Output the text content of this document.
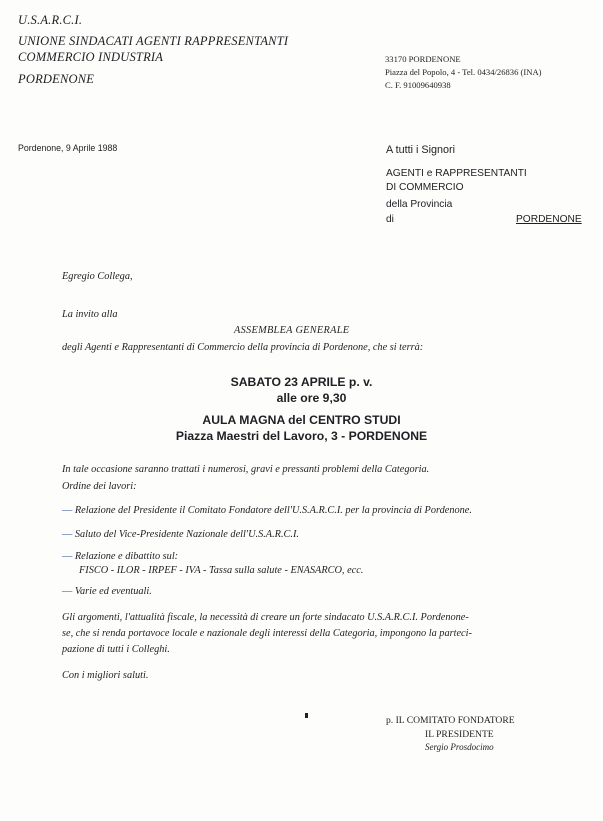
U.S.A.R.C.I.
UNIONE SINDACATI AGENTI RAPPRESENTANTI
COMMERCIO INDUSTRIA
PORDENONE
33170 PORDENONE
Piazza del Popolo, 4 - Tel. 0434/26836 (INA)
C. F. 91009640938
Pordenone, 9 Aprile 1988	A tutti i Signori
AGENTI e RAPPRESENTANTI
DI COMMERCIO
della Provincia
di	PORDENONE
Egregio Collega,
La invito alla
ASSEMBLEA GENERALE
degli Agenti e Rappresentanti di Commercio della provincia di Pordenone, che si terrà:
SABATO 23 APRILE p. v.
alle ore 9,30
AULA MAGNA del CENTRO STUDI
Piazza Maestri del Lavoro, 3 - PORDENONE
In tale occasione saranno trattati i numerosi, gravi e pressanti problemi della Categoria.
Ordine dei lavori:
— Relazione del Presidente il Comitato Fondatore dell'U.S.A.R.C.I. per la provincia di Pordenone.
— Saluto del Vice-Presidente Nazionale dell'U.S.A.R.C.I.
— Relazione e dibattito sul:
FISCO - ILOR - IRPEF - IVA - Tassa sulla salute - ENASARCO, ecc.
— Varie ed eventuali.
Gli argomenti, l'attualità fiscale, la necessità di creare un forte sindacato U.S.A.R.C.I. Pordenone-
se, che si renda portavoce locale e nazionale degli interessi della Categoria, impongono la parteci-
pazione di tutti i Colleghi.
Con i migliori saluti.
p. IL COMITATO FONDATORE
IL PRESIDENTE
Sergio Prosdocimo
